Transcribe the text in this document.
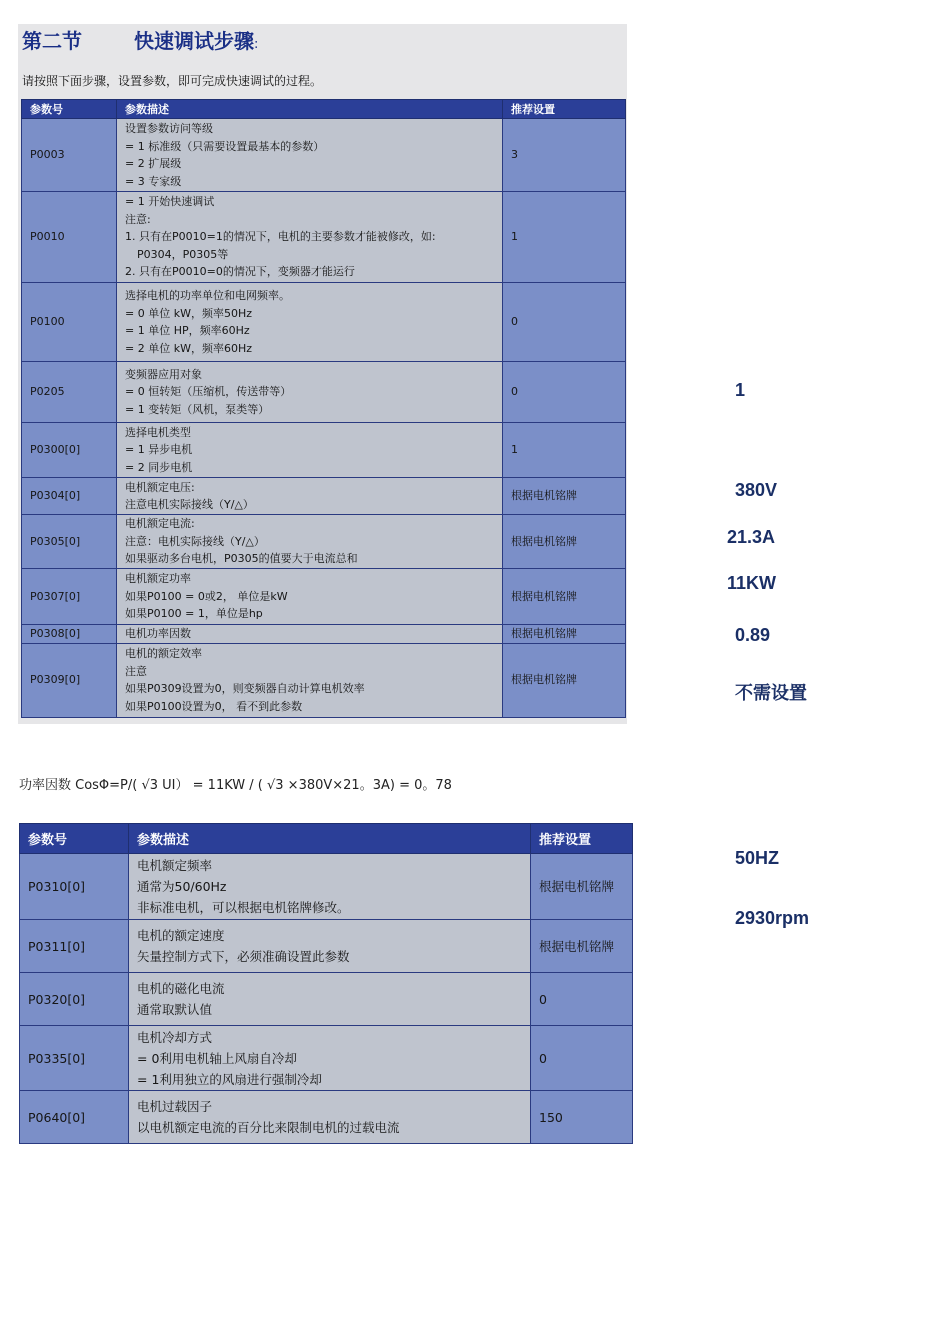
第二节	快速调试步骤:
请按照下面步骤，设置参数，即可完成快速调试的过程。
参数号	参数描述	推荐设置
P0003	设置参数访问等级
= 1 标准级（只需要设置最基本的参数）
= 2 扩展级
= 3 专家级	3
P0010	= 1 开始快速调试
注意:
1. 只有在P0010=1的情况下，电机的主要参数才能被修改，如:
P0304，P0305等
2. 只有在P0010=0的情况下，变频器才能运行	1
P0100	选择电机的功率单位和电网频率。
= 0 单位 kW，频率50Hz
= 1 单位 HP，频率60Hz
= 2 单位 kW，频率60Hz	0
P0205	变频器应用对象
= 0 恒转矩（压缩机，传送带等）
= 1 变转矩（风机，泵类等）	0
P0300[0]	选择电机类型
= 1 异步电机
= 2 同步电机	1
P0304[0]	电机额定电压:
注意电机实际接线（Y/△）	根据电机铭牌
P0305[0]	电机额定电流:
注意：电机实际接线（Y/△）
如果驱动多台电机，P0305的值要大于电流总和	根据电机铭牌
P0307[0]	电机额定功率
如果P0100 = 0或2， 单位是kW
如果P0100 = 1，单位是hp	根据电机铭牌
P0308[0]	电机功率因数	根据电机铭牌
P0309[0]	电机的额定效率
注意
如果P0309设置为0，则变频器自动计算电机效率
如果P0100设置为0， 看不到此参数	根据电机铭牌
1
380V
21.3A
11KW
0.89
不需设置
功率因数 CosΦ=P/( √3 UI） = 11KW / ( √3 ×380V×21。3A) = 0。78
参数号	参数描述	推荐设置
P0310[0]	电机额定频率
通常为50/60Hz
非标准电机，可以根据电机铭牌修改。	根据电机铭牌
P0311[0]	电机的额定速度
矢量控制方式下，必须准确设置此参数	根据电机铭牌
P0320[0]	电机的磁化电流
通常取默认值	0
P0335[0]	电机冷却方式
= 0利用电机轴上风扇自冷却
= 1利用独立的风扇进行强制冷却	0
P0640[0]	电机过载因子
以电机额定电流的百分比来限制电机的过载电流	150
50HZ
2930rpm
